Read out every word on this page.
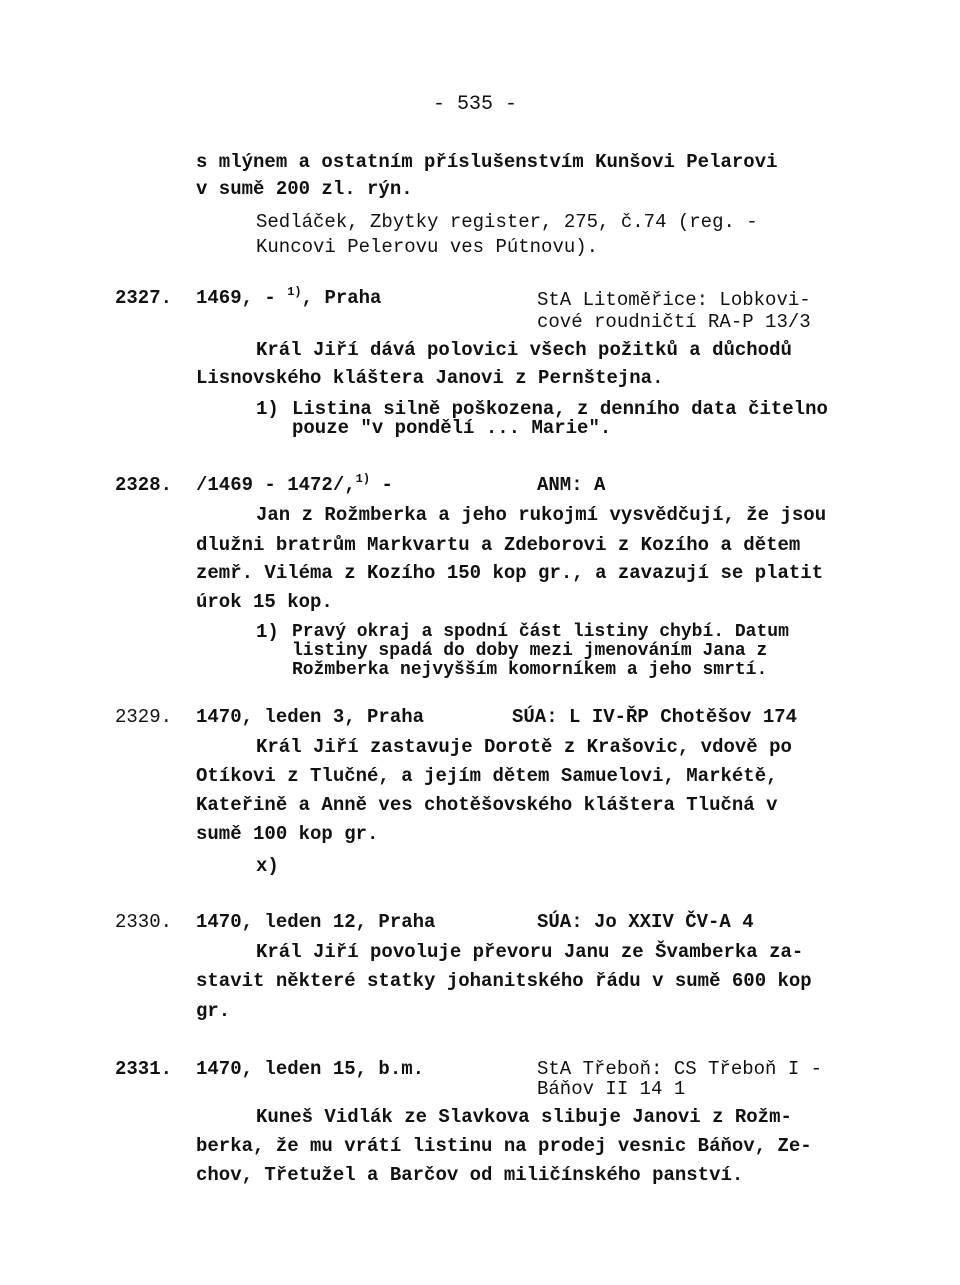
- 535 -
s mlýnem a ostatním příslušenstvím Kunšovi Pelarovi
v sumě 200 zl. rýn.
Sedláček, Zbytky register, 275, č.74 (reg. -
Kuncovi Pelerovu ves Pútnovu).
2327. 1469, - $^{1)}$, Praha	StA Litoměřice: Lobkovi-
cové roudničtí RA-P 13/3
Král Jiří dává polovici všech požitků a důchodů
Lisnovského kláštera Janovi z Pernštejna.
1) Listina silně poškozena, z denního data čitelno
pouze "v pondělí ... Marie".
2328. /1469 - 1472/,$^{1)}$ -	ANM: A
Jan z Rožmberka a jeho rukojmí vysvědčují, že jsou
dlužni bratrům Markvartu a Zdeborovi z Kozího a dětem
zemř. Viléma z Kozího 150 kop gr., a zavazují se platit
úrok 15 kop.
1) Pravý okraj a spodní část listiny chybí. Datum
listiny spadá do doby mezi jmenováním Jana z
Rožmberka nejvyšším komorníkem a jeho smrtí.
2329. 1470, leden 3, Praha	SÚA: L IV-ŘP Chotěšov 174
Král Jiří zastavuje Dorotě z Krašovic, vdově po
Otíkovi z Tlučné, a jejím dětem Samuelovi, Markétě,
Kateřině a Anně ves chotěšovského kláštera Tlučná v
sumě 100 kop gr.
x)
2330. 1470, leden 12, Praha	SÚA: Jo XXIV ČV-A 4
Král Jiří povoluje převoru Janu ze Švamberka za-
stavit některé statky johanitského řádu v sumě 600 kop
gr.
2331. 1470, leden 15, b.m.	StA Třeboň: CS Třeboň I -
Báňov II 14 1
Kuneš Vidlák ze Slavkova slibuje Janovi z Rožm-
berka, že mu vrátí listinu na prodej vesnic Báňov, Ze-
chov, Třetužel a Barčov od miličínského panství.
